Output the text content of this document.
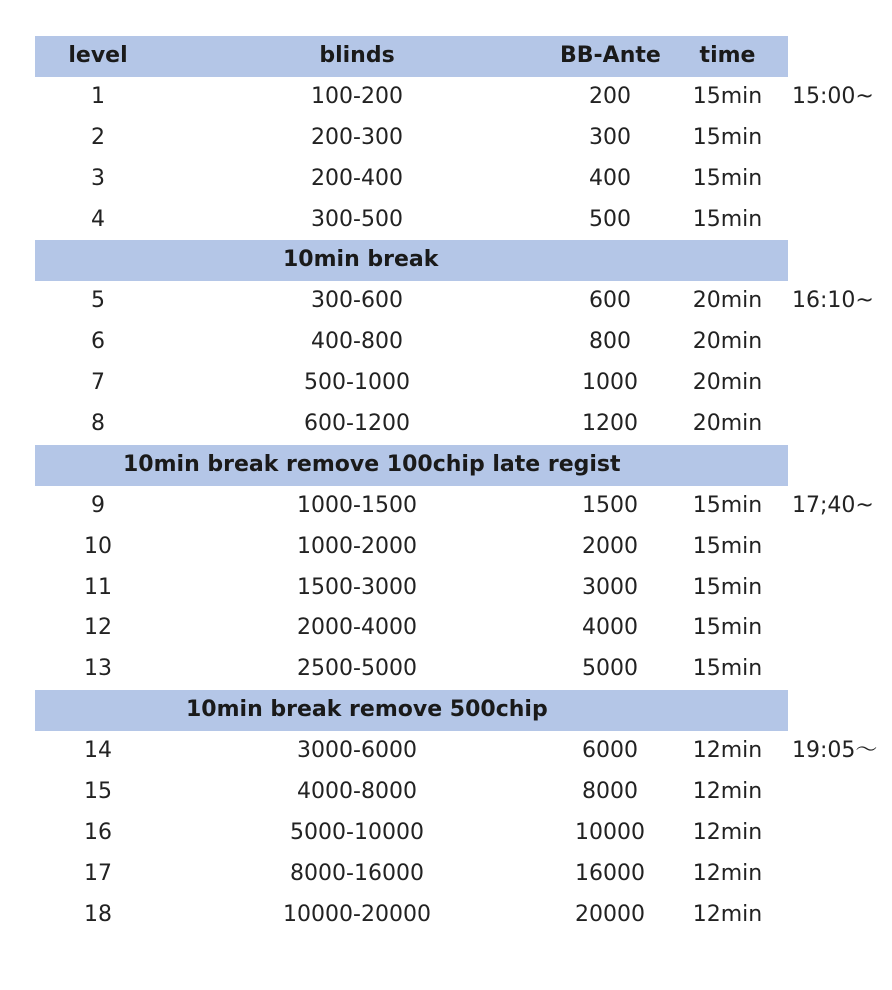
level	blinds	BB-Ante	time
1	100-200	200	15min	15:00~
2	200-300	300	15min
3	200-400	400	15min
4	300-500	500	15min
10min break
5	300-600	600	20min	16:10~
6	400-800	800	20min
7	500-1000	1000	20min
8	600-1200	1200	20min
10min break remove 100chip late regist
9	1000-1500	1500	15min	17;40~
10	1000-2000	2000	15min
11	1500-3000	3000	15min
12	2000-4000	4000	15min
13	2500-5000	5000	15min
10min break remove 500chip
14	3000-6000	6000	12min	19:05～
15	4000-8000	8000	12min
16	5000-10000	10000	12min
17	8000-16000	16000	12min
18	10000-20000	20000	12min
